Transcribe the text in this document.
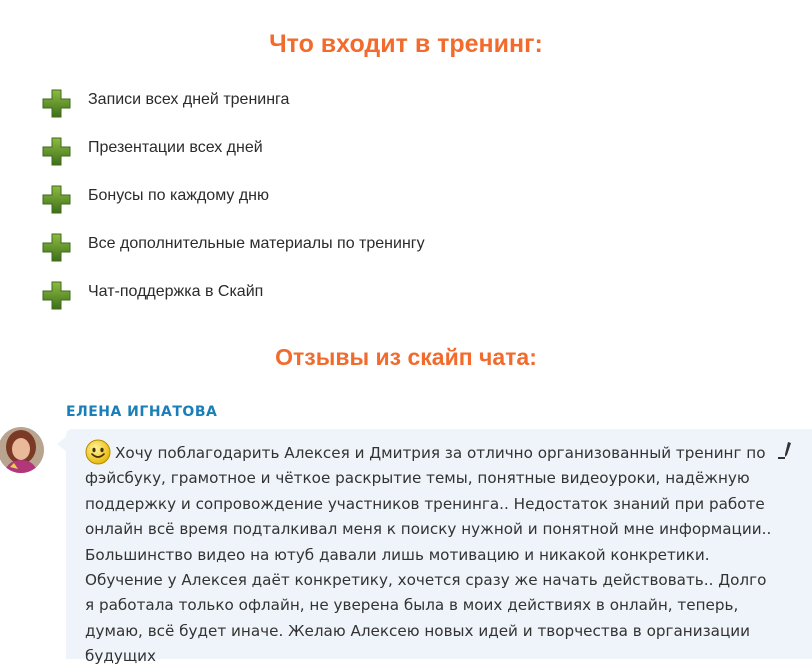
Что входит в тренинг:
Записи всех дней тренинга
Презентации всех дней
Бонусы по каждому дню
Все дополнительные материалы по тренингу
Чат-поддержка в Скайп
Отзывы из скайп чата:
ЕЛЕНА ИГНАТОВА
Хочу поблагодарить Алексея и Дмитрия за отлично организованный тренинг по фэйсбуку, грамотное и чёткое раскрытие темы, понятные видеоуроки, надёжную поддержку и сопровождение участников тренинга.. Недостаток знаний при работе онлайн всё время подталкивал меня к поиску нужной и понятной мне информации.. Большинство видео на ютуб давали лишь мотивацию и никакой конкретики. Обучение у Алексея даёт конкретику, хочется сразу же начать действовать.. Долго я работала только офлайн, не уверена была в моих действиях в онлайн, теперь, думаю, всё будет иначе. Желаю Алексею новых идей и творчества в организации будущих
